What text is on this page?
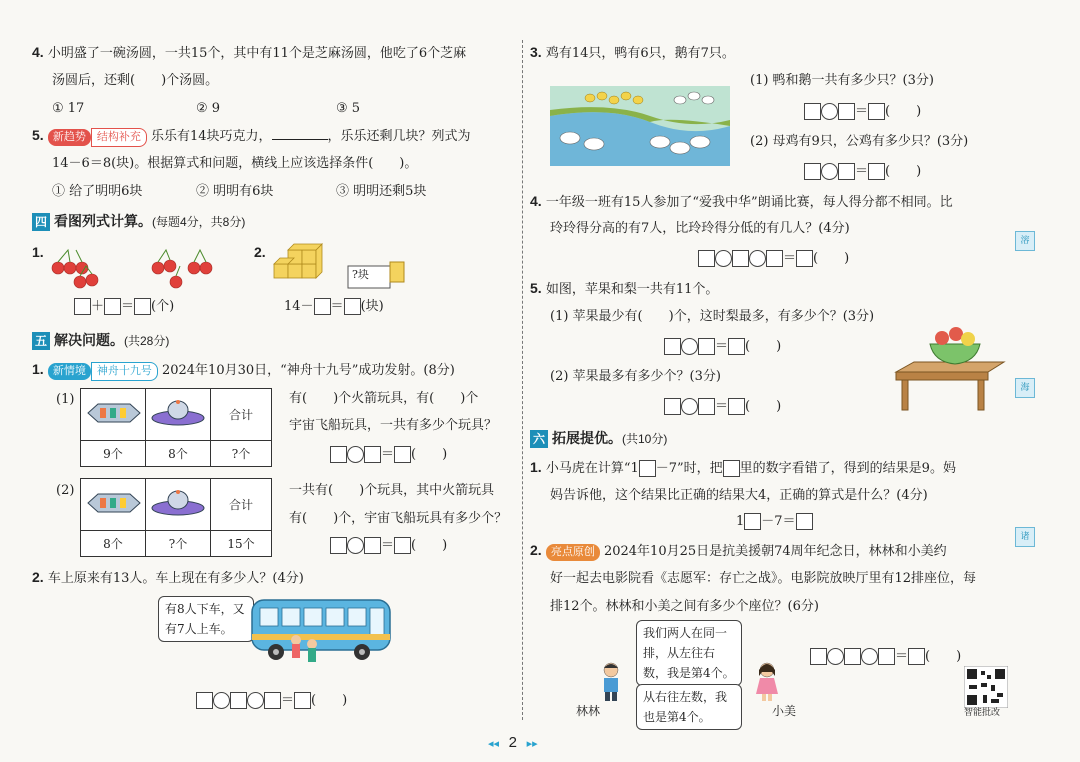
4. 小明盛了一碗汤圆，一共15个，其中有11个是芝麻汤圆，他吃了6个芝麻
汤圆后，还剩(　　)个汤圆。
① 17	② 9	③ 5
5. 新趋势 结构补充 乐乐有14块巧克力，	，乐乐还剩几块？列式为
14－6＝8(块)。根据算式和问题，横线上应该选择条件(　　)。
① 给了明明6块	② 明明有6块	③ 明明还剩5块
四 看图列式计算。(每题4分，共8分)
1.
＋ ＝ (个)
2.
?块
14－ ＝ (块)
五 解决问题。(共28分)
1. 新情境 神舟十九号 2024年10月30日，“神舟十九号”成功发射。(8分)
(1)
		合计
9个	8个	?个
有(　　)个火箭玩具，有(　　)个
宇宙飞船玩具，一共有多少个玩具？
＝ (　　)
(2)
		合计
8个	?个	15个
一共有(　　)个玩具，其中火箭玩具
有(　　)个，宇宙飞船玩具有多少个？
＝ (　　)
2. 车上原来有13人。车上现在有多少人？(4分)
有8人下车，又有7人上车。
＝ (　　)
3. 鸡有14只，鸭有6只，鹅有7只。
(1) 鸭和鹅一共有多少只？(3分)
＝ (　　)
(2) 母鸡有9只，公鸡有多少只？(3分)
＝ (　　)
4. 一年级一班有15人参加了“爱我中华”朗诵比赛，每人得分都不相同。比
玲玲得分高的有7人，比玲玲得分低的有几人？(4分)
＝ (　　)
5. 如图，苹果和梨一共有11个。
(1) 苹果最少有(　　)个，这时梨最多，有多少个？(3分)
＝ (　　)
(2) 苹果最多有多少个？(3分)
＝ (　　)
六 拓展提优。(共10分)
1. 小马虎在计算“1 －7”时，把 里的数字看错了，得到的结果是9。妈
妈告诉他，这个结果比正确的结果大4，正确的算式是什么？(4分)
1 －7＝
2. 亮点原创 2024年10月25日是抗美援朝74周年纪念日，林林和小美约
好一起去电影院看《志愿军：存亡之战》。电影院放映厅里有12排座位，每
排12个。林林和小美之间有多少个座位？(6分)
我们两人在同一排，从左往右数，我是第4个。
从右往左数，我也是第4个。
林林	小美
＝ (　　)
智能批改
溶
海
诸
◂◂ 2 ▸▸
